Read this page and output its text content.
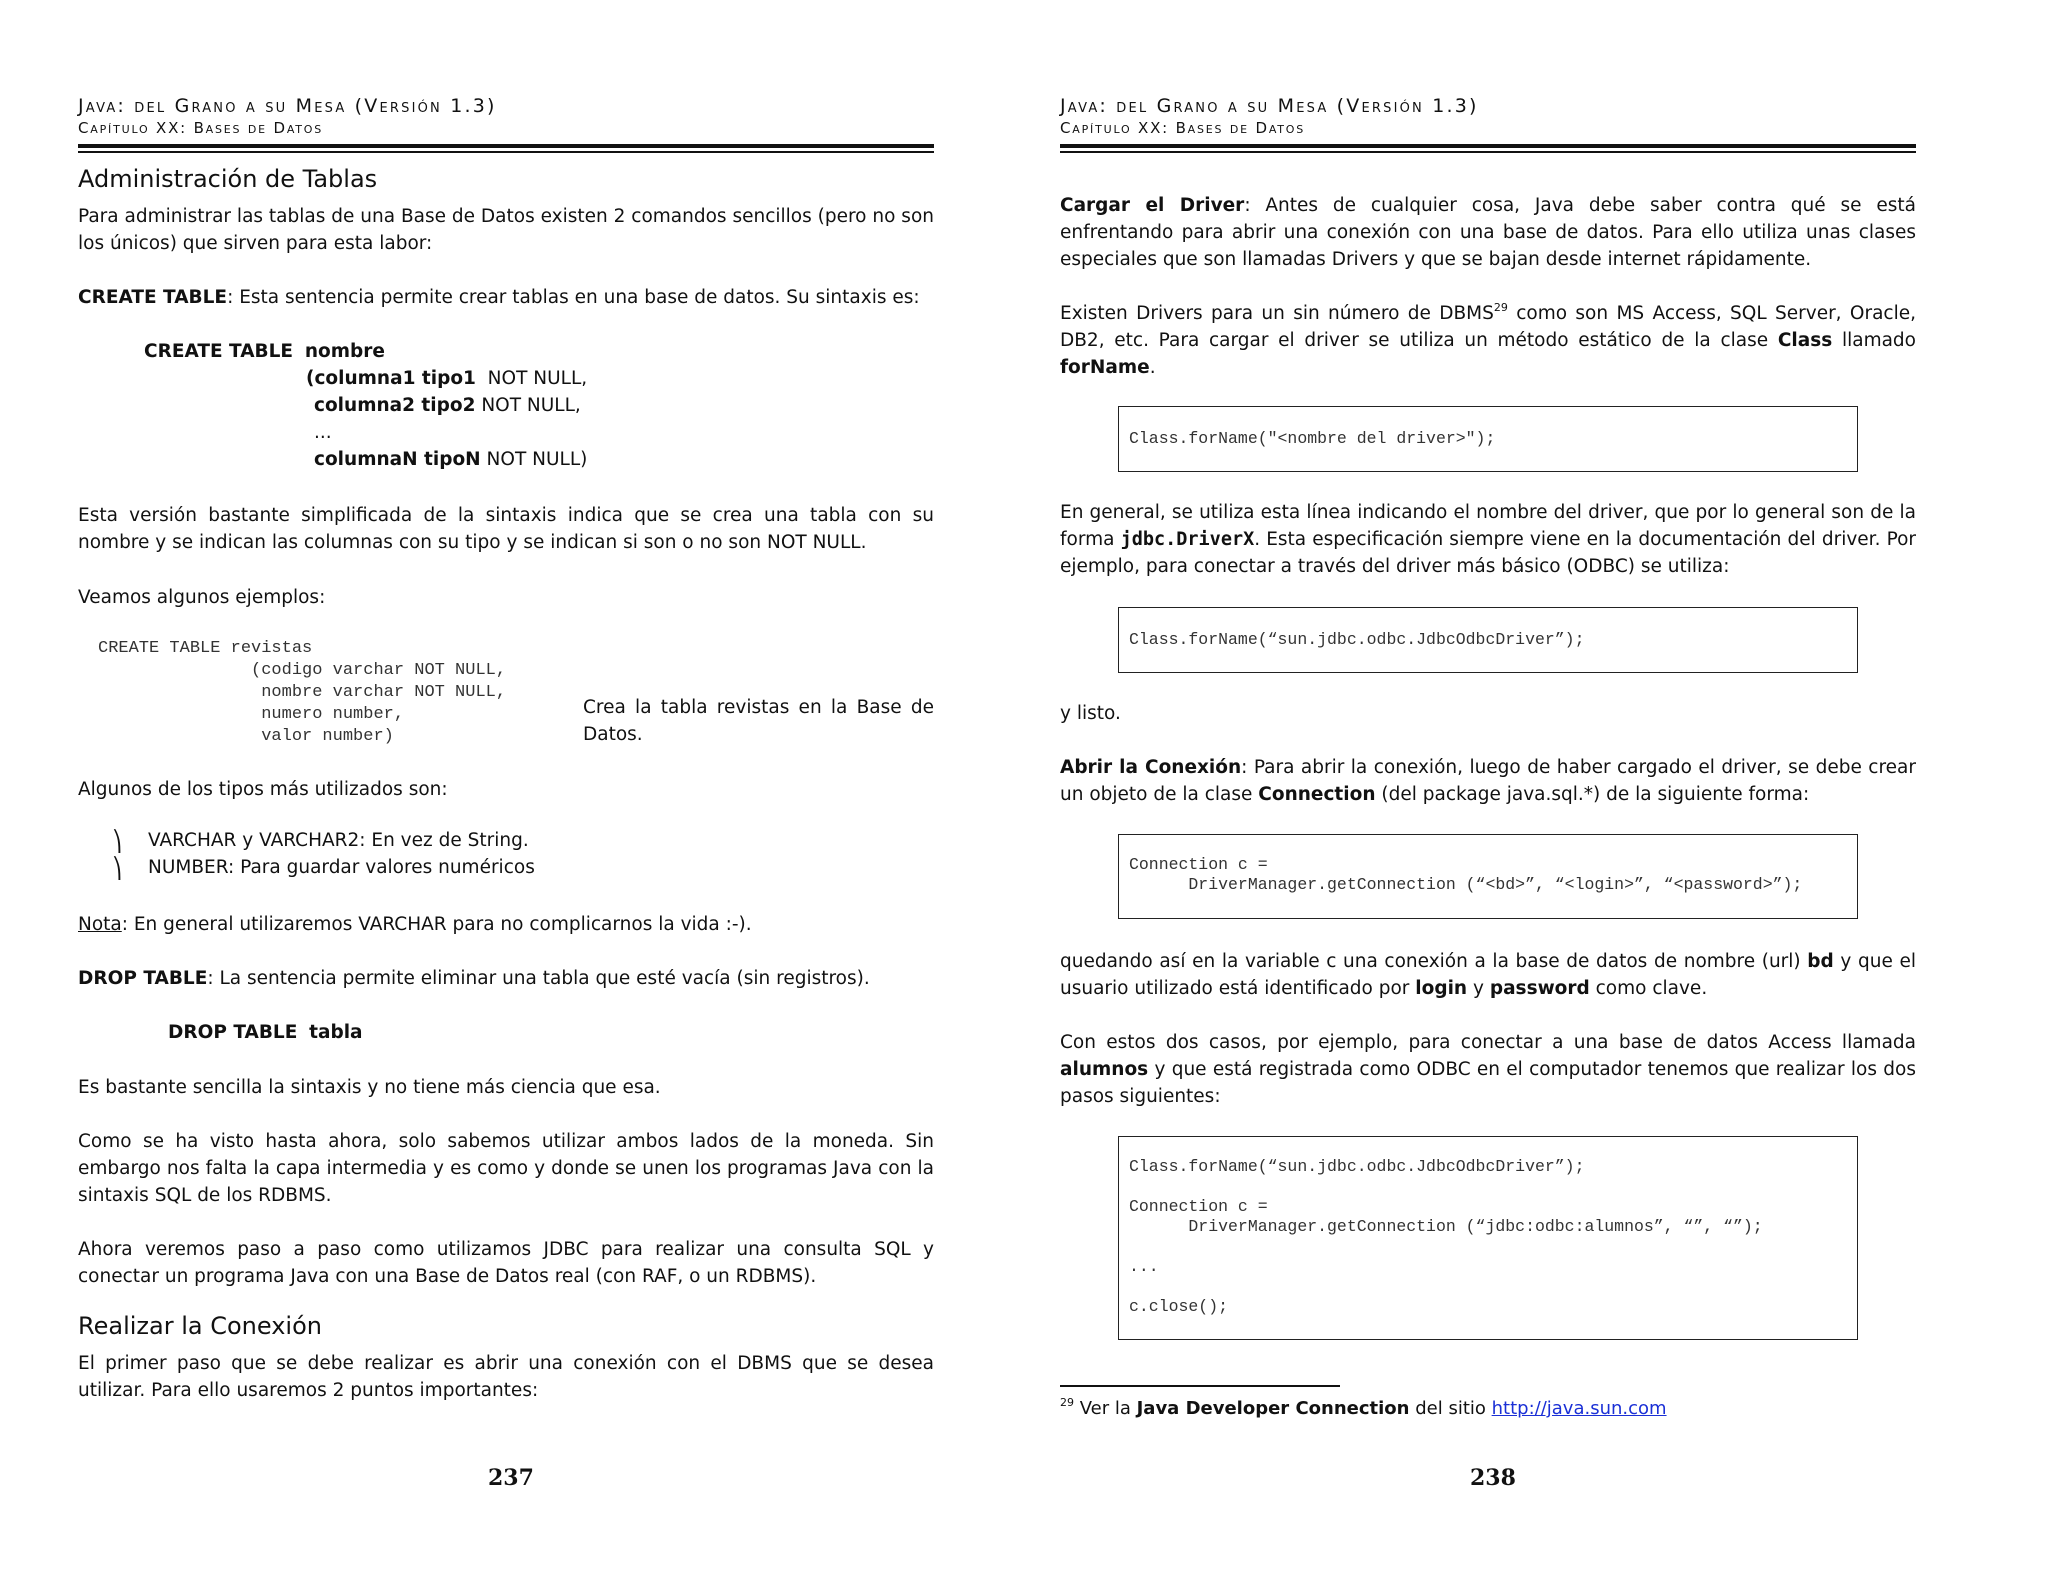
Java: del Grano a su Mesa (Versión 1.3)
Capítulo XX: Bases de Datos
Administración de Tablas
Para administrar las tablas de una Base de Datos existen 2 comandos sencillos (pero no son los únicos) que sirven para esta labor:
CREATE TABLE: Esta sentencia permite crear tablas en una base de datos. Su sintaxis es:
CREATE TABLE nombre
(columna1 tipo1  NOT NULL,
columna2 tipo2 NOT NULL,
...
columnaN tipoN NOT NULL)
Esta versión bastante simplificada de la sintaxis indica que se crea una tabla con su nombre y se indican las columnas con su tipo y se indican si son o no son NOT NULL.
Veamos algunos ejemplos:
CREATE TABLE revistas
(codigo varchar NOT NULL,
nombre varchar NOT NULL,
numero number,
valor number)
Crea la tabla revistas en la Base de Datos.
Algunos de los tipos más utilizados son:
⎞ VARCHAR y VARCHAR2: En vez de String.
⎞ NUMBER: Para guardar valores numéricos
Nota: En general utilizaremos VARCHAR para no complicarnos la vida :-).
DROP TABLE: La sentencia permite eliminar una tabla que esté vacía (sin registros).
DROP TABLE tabla
Es bastante sencilla la sintaxis y no tiene más ciencia que esa.
Como se ha visto hasta ahora, solo sabemos utilizar ambos lados de la moneda. Sin embargo nos falta la capa intermedia y es como y donde se unen los programas Java con la sintaxis SQL de los RDBMS.
Ahora veremos paso a paso como utilizamos JDBC para realizar una consulta SQL y conectar un programa Java con una Base de Datos real (con RAF, o un RDBMS).
Realizar la Conexión
El primer paso que se debe realizar es abrir una conexión con el DBMS que se desea utilizar. Para ello usaremos 2 puntos importantes:
237
Java: del Grano a su Mesa (Versión 1.3)
Capítulo XX: Bases de Datos
Cargar el Driver: Antes de cualquier cosa, Java debe saber contra qué se está enfrentando para abrir una conexión con una base de datos. Para ello utiliza unas clases especiales que son llamadas Drivers y que se bajan desde internet rápidamente.
Existen Drivers para un sin número de DBMS$^{29}$ como son MS Access, SQL Server, Oracle, DB2, etc. Para cargar el driver se utiliza un método estático de la clase Class llamado forName.
Class.forName("<nombre del driver>");
En general, se utiliza esta línea indicando el nombre del driver, que por lo general son de la forma jdbc.DriverX. Esta especificación siempre viene en la documentación del driver. Por ejemplo, para conectar a través del driver más básico (ODBC) se utiliza:
Class.forName(“sun.jdbc.odbc.JdbcOdbcDriver”);
y listo.
Abrir la Conexión: Para abrir la conexión, luego de haber cargado el driver, se debe crear un objeto de la clase Connection (del package java.sql.*) de la siguiente forma:
Connection c =
DriverManager.getConnection (“<bd>”, “<login>”, “<password>”);
quedando así en la variable c una conexión a la base de datos de nombre (url) bd y que el usuario utilizado está identificado por login y password como clave.
Con estos dos casos, por ejemplo, para conectar a una base de datos Access llamada alumnos y que está registrada como ODBC en el computador tenemos que realizar los dos pasos siguientes:
Class.forName(“sun.jdbc.odbc.JdbcOdbcDriver”);
Connection c =
DriverManager.getConnection (“jdbc:odbc:alumnos”, “”, “”);
...
c.close();
$^{29}$ Ver la Java Developer Connection del sitio http://java.sun.com
238
